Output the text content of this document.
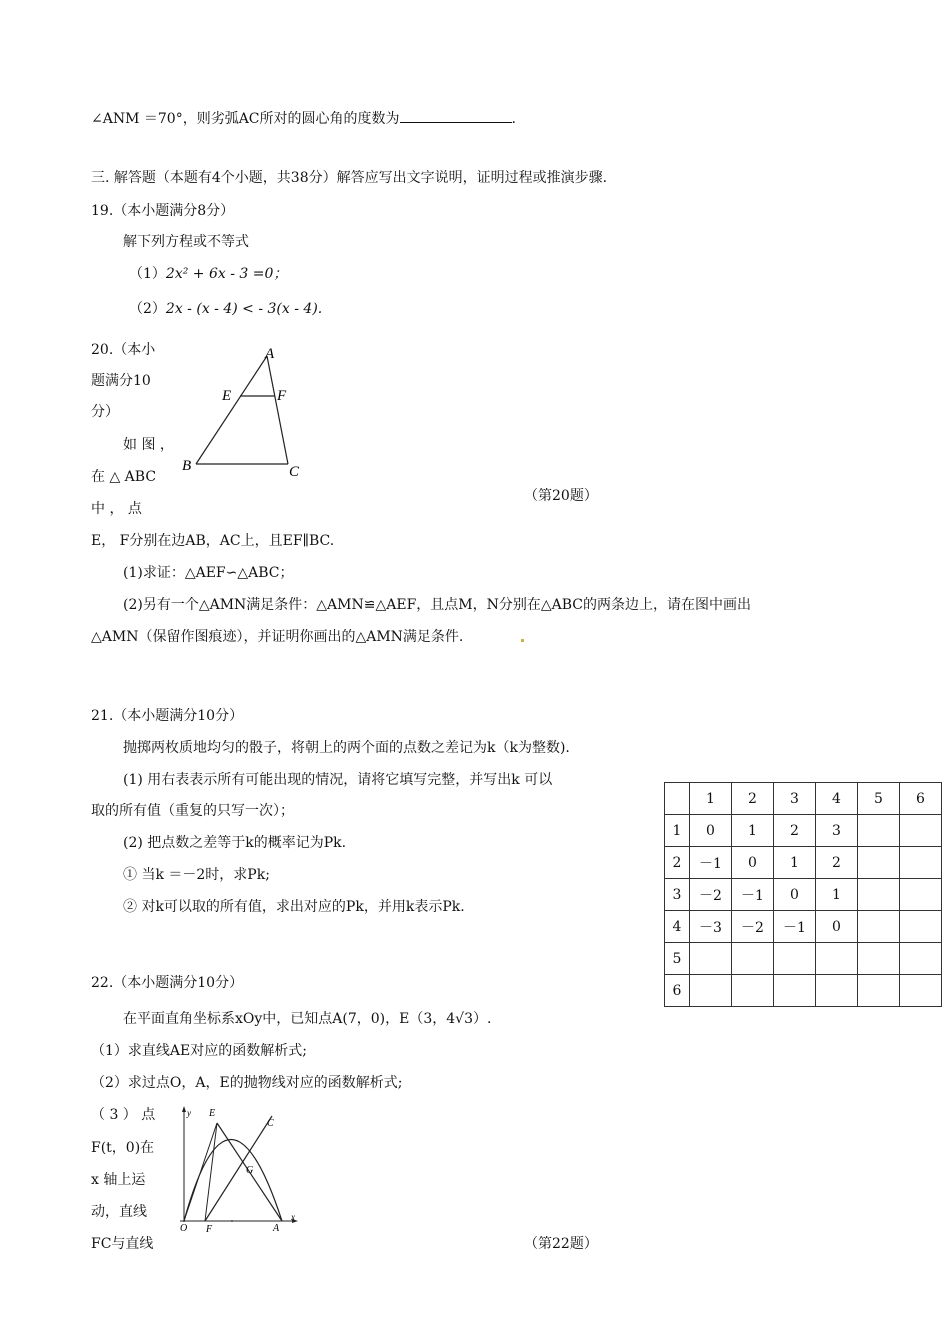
∠ANM ＝70°，则劣弧AC所对的圆心角的度数为	.
三. 解答题（本题有4个小题，共38分）解答应写出文字说明，证明过程或推演步骤.
19.（本小题满分8分）
解下列方程或不等式
（1）2x² + 6x - 3 =0；
（2）2x - (x - 4) < - 3(x - 4).
20.（本小
题满分10
分）
如 图 ，
在 △ ABC
中 ， 点
E， F分别在边AB，AC上，且EF∥BC.
（第20题）
A
E	F
B	C
(1)求证：△AEF∽△ABC；
(2)另有一个△AMN满足条件：△AMN≌△AEF，且点M，N分别在△ABC的两条边上，请在图中画出
△AMN（保留作图痕迹），并证明你画出的△AMN满足条件.
21.（本小题满分10分）
抛掷两枚质地均匀的骰子，将朝上的两个面的点数之差记为k（k为整数).
(1) 用右表表示所有可能出现的情况，请将它填写完整，并写出k 可以
取的所有值（重复的只写一次）；
(2) 把点数之差等于k的概率记为Pk.
① 当k ＝－2时，求Pk;
② 对k可以取的所有值，求出对应的Pk，并用k表示Pk.
	1	2	3	4	5	6
1	0	1	2	3		
2	－1	0	1	2		
3	－2	－1	0	1		
4	－3	－2	－1	0		
5						
6						
22.（本小题满分10分）
在平面直角坐标系xOy中，已知点A(7，0)，E（3，4√3）.
（1）求直线AE对应的函数解析式;
（2）求过点O，A，E的抛物线对应的函数解析式;
（ 3 ） 点
F(t，0)在
x 轴上运
动，直线
FC与直线	（第22题）
y
x
O
E
C
G
F	A
